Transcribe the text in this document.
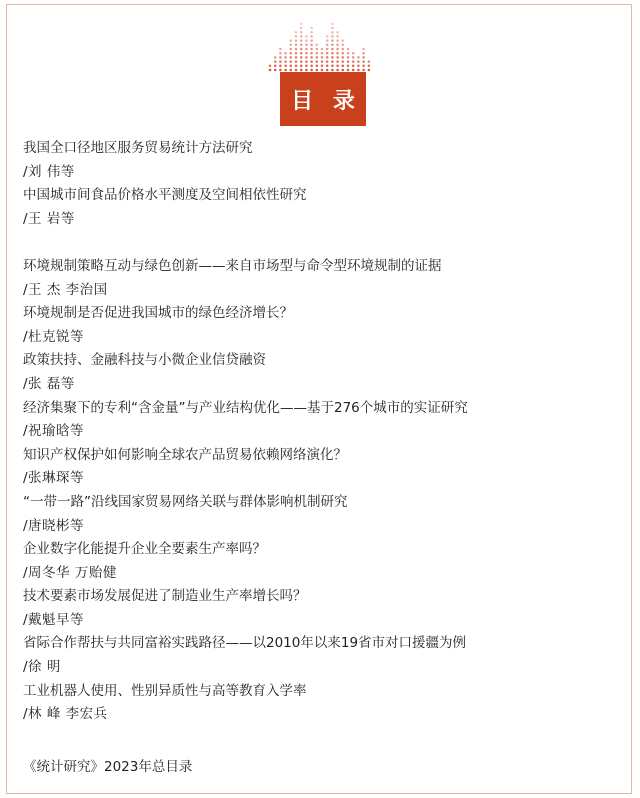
目 录
我国全口径地区服务贸易统计方法研究
/刘 伟等
中国城市间食品价格水平测度及空间相依性研究
/王 岩等
环境规制策略互动与绿色创新——来自市场型与命令型环境规制的证据
/王 杰 李治国
环境规制是否促进我国城市的绿色经济增长？
/杜克锐等
政策扶持、金融科技与小微企业信贷融资
/张 磊等
经济集聚下的专利“含金量”与产业结构优化——基于276个城市的实证研究
/祝瑜晗等
知识产权保护如何影响全球农产品贸易依赖网络演化？
/张琳琛等
“一带一路”沿线国家贸易网络关联与群体影响机制研究
/唐晓彬等
企业数字化能提升企业全要素生产率吗？
/周冬华 万贻健
技术要素市场发展促进了制造业生产率增长吗？
/戴魁早等
省际合作帮扶与共同富裕实践路径——以2010年以来19省市对口援疆为例
/徐 明
工业机器人使用、性别异质性与高等教育入学率
/林 峰 李宏兵
《统计研究》2023年总目录
